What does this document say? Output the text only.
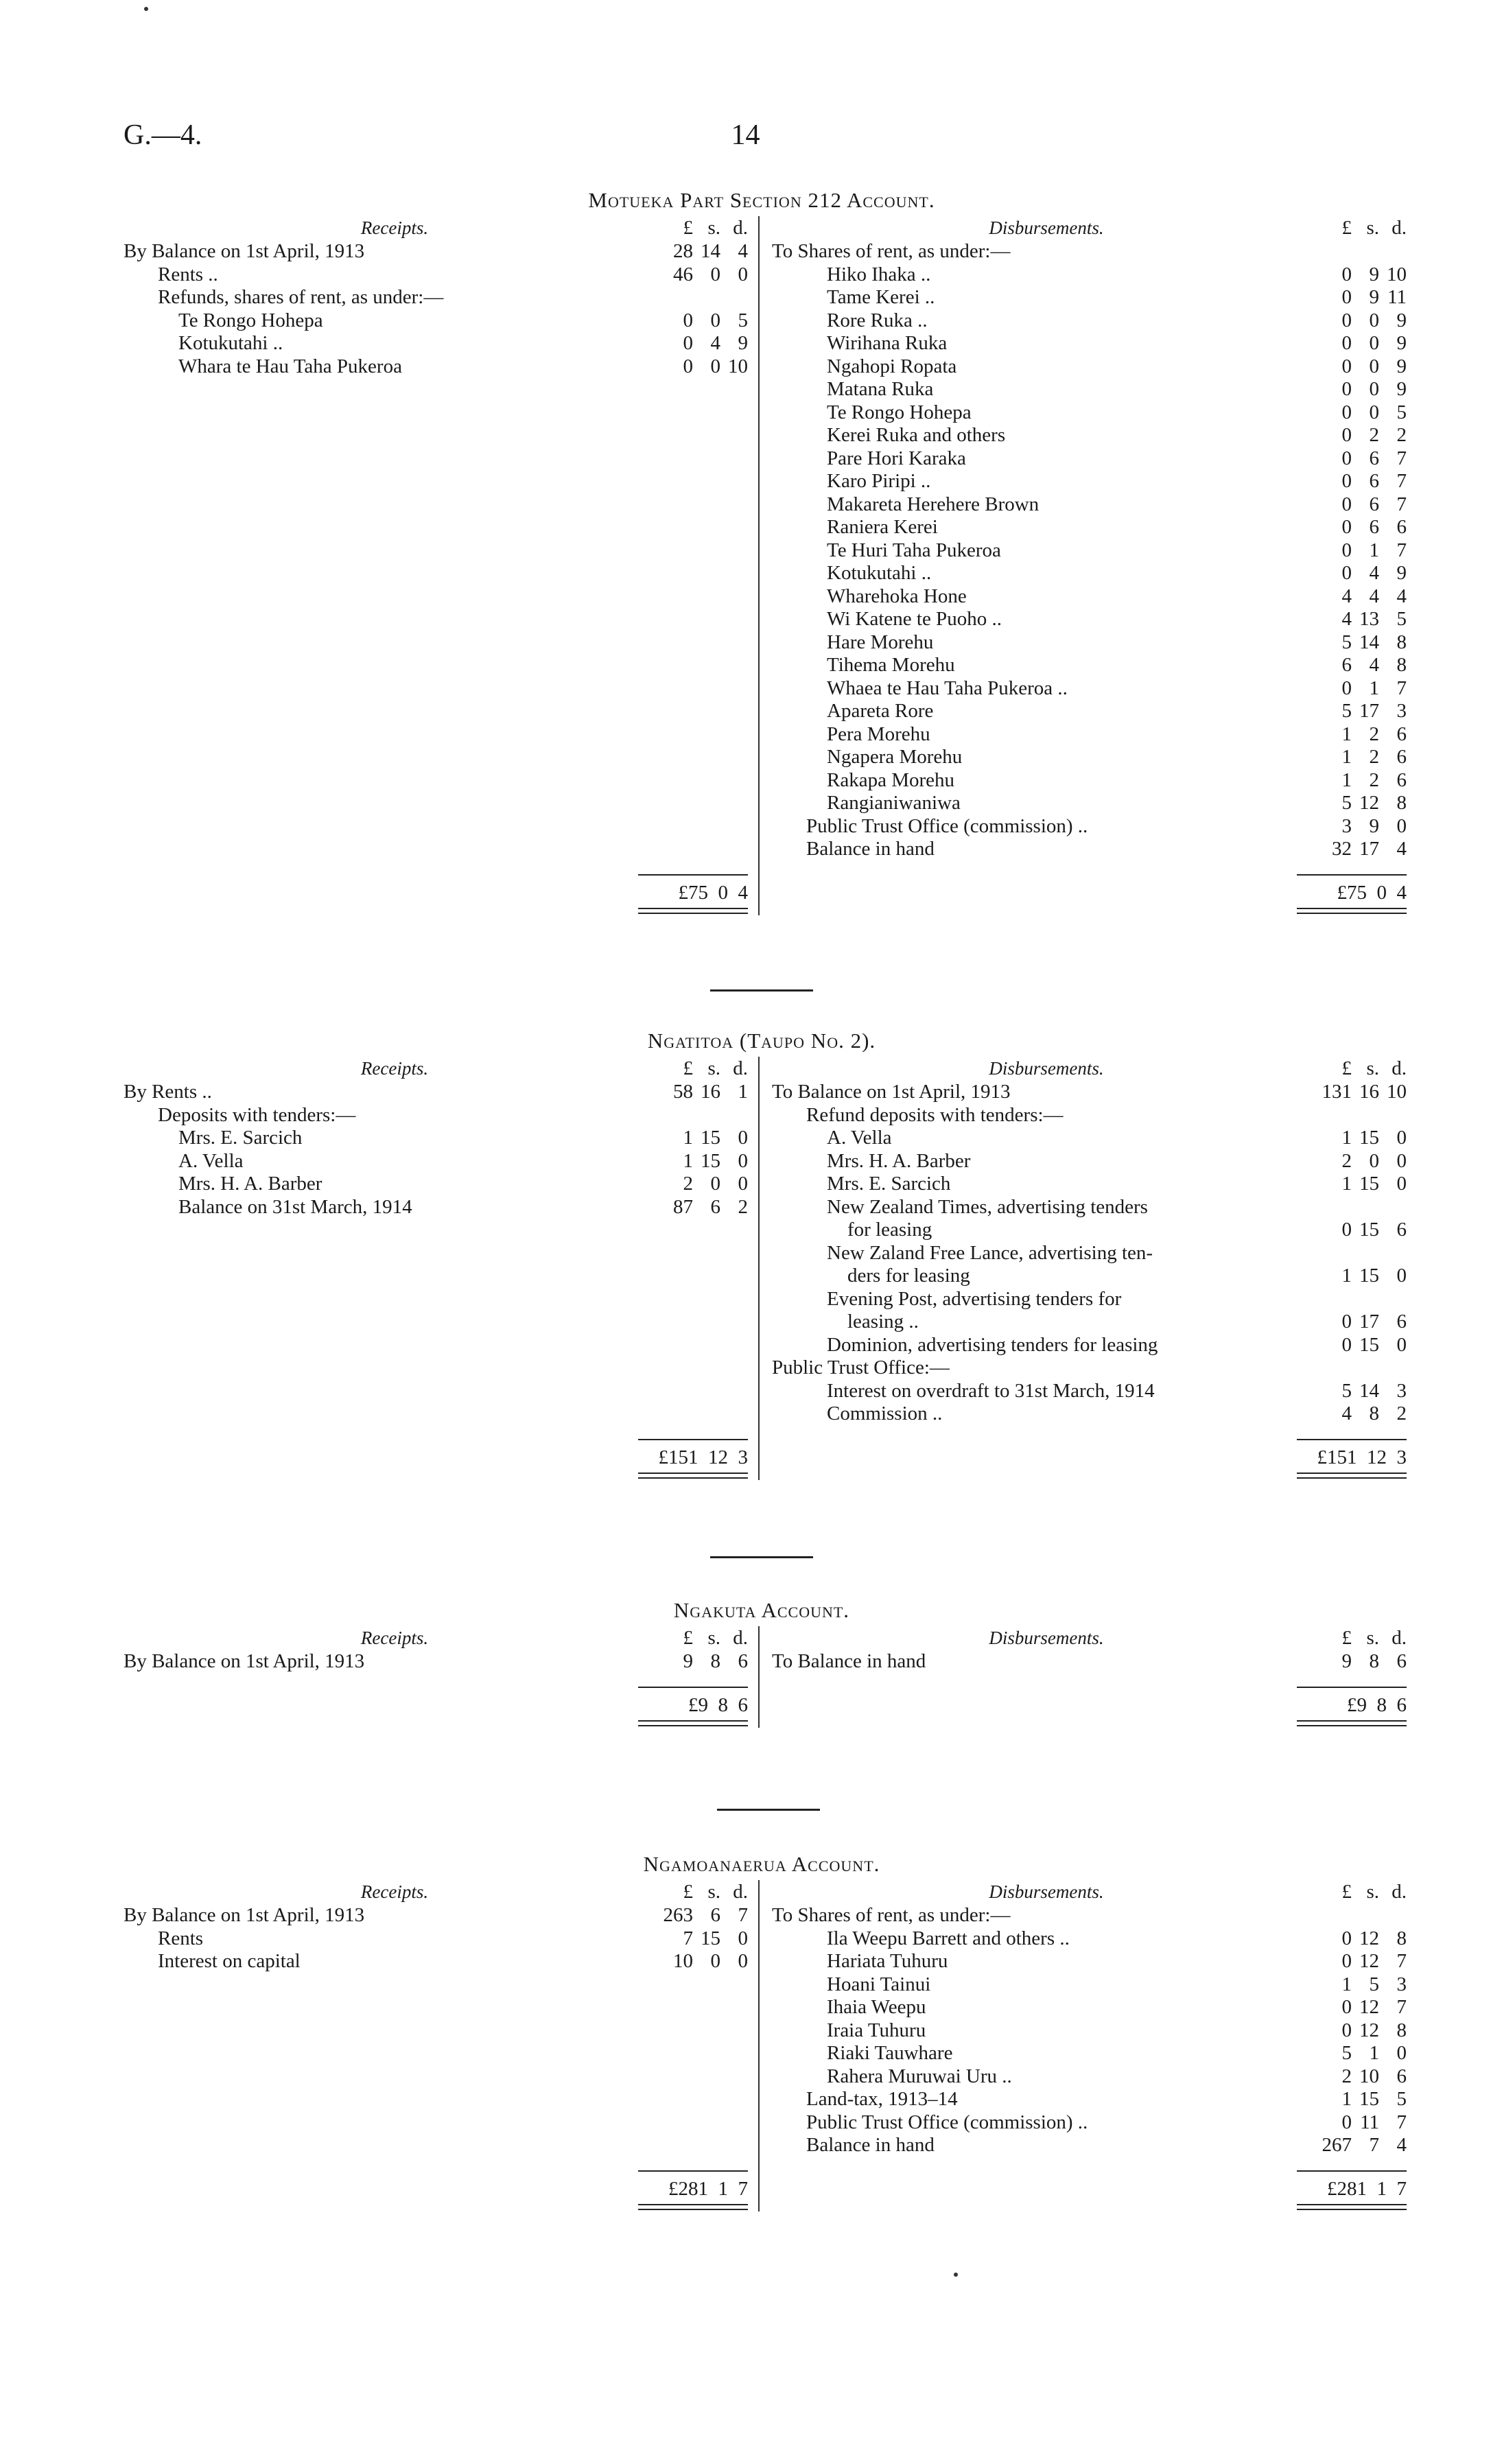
G.—4.	14
Motueka Part Section 212 Account.
Receipts.
By Balance on 1st April, 1913
Rents ..
Refunds, shares of rent, as under:—
Te Rongo Hohepa
Kotukutahi ..
Whara te Hau Taha Pukeroa
£ s. d.
28 14 4
46 0 0
0 0 5
0 4 9
0 0 10
£75  0  4
Disbursements.
To Shares of rent, as under:—
Hiko Ihaka ..
Tame Kerei ..
Rore Ruka ..
Wirihana Ruka
Ngahopi Ropata
Matana Ruka
Te Rongo Hohepa
Kerei Ruka and others
Pare Hori Karaka
Karo Piripi ..
Makareta Herehere Brown
Raniera Kerei
Te Huri Taha Pukeroa
Kotukutahi ..
Wharehoka Hone
Wi Katene te Puoho ..
Hare Morehu
Tihema Morehu
Whaea te Hau Taha Pukeroa ..
Apareta Rore
Pera Morehu
Ngapera Morehu
Rakapa Morehu
Rangianiwaniwa
Public Trust Office (commission) ..
Balance in hand
£ s. d.
0 9 10
0 9 11
0 0 9
0 0 9
0 0 9
0 0 9
0 0 5
0 2 2
0 6 7
0 6 7
0 6 7
0 6 6
0 1 7
0 4 9
4 4 4
4 13 5
5 14 8
6 4 8
0 1 7
5 17 3
1 2 6
1 2 6
1 2 6
5 12 8
3 9 0
32 17 4
£75  0  4
Ngatitoa (Taupo No. 2).
Receipts.
By Rents ..
Deposits with tenders:—
Mrs. E. Sarcich
A. Vella
Mrs. H. A. Barber
Balance on 31st March, 1914
£ s. d.
58 16 1
1 15 0
1 15 0
2 0 0
87 6 2
£151  12  3
Disbursements.
To Balance on 1st April, 1913
Refund deposits with tenders:—
A. Vella
Mrs. H. A. Barber
Mrs. E. Sarcich
New Zealand Times, advertising tenders
for leasing
New Zaland Free Lance, advertising ten-
ders for leasing
Evening Post, advertising tenders for
leasing ..
Dominion, advertising tenders for leasing
Public Trust Office:—
Interest on overdraft to 31st March, 1914
Commission ..
£ s. d.
131 16 10
1 15 0
2 0 0
1 15 0
0 15 6
1 15 0
0 17 6
0 15 0
5 14 3
4 8 2
£151  12  3
Ngakuta Account.
Receipts.
By Balance on 1st April, 1913
£ s. d.
9 8 6
£9  8  6
Disbursements.
To Balance in hand
£ s. d.
9 8 6
£9  8  6
Ngamoanaerua Account.
Receipts.
By Balance on 1st April, 1913
Rents
Interest on capital
£ s. d.
263 6 7
7 15 0
10 0 0
£281  1  7
Disbursements.
To Shares of rent, as under:—
Ila Weepu Barrett and others ..
Hariata Tuhuru
Hoani Tainui
Ihaia Weepu
Iraia Tuhuru
Riaki Tauwhare
Rahera Muruwai Uru ..
Land-tax, 1913–14
Public Trust Office (commission) ..
Balance in hand
£ s. d.
0 12 8
0 12 7
1 5 3
0 12 7
0 12 8
5 1 0
2 10 6
1 15 5
0 11 7
267 7 4
£281  1  7
